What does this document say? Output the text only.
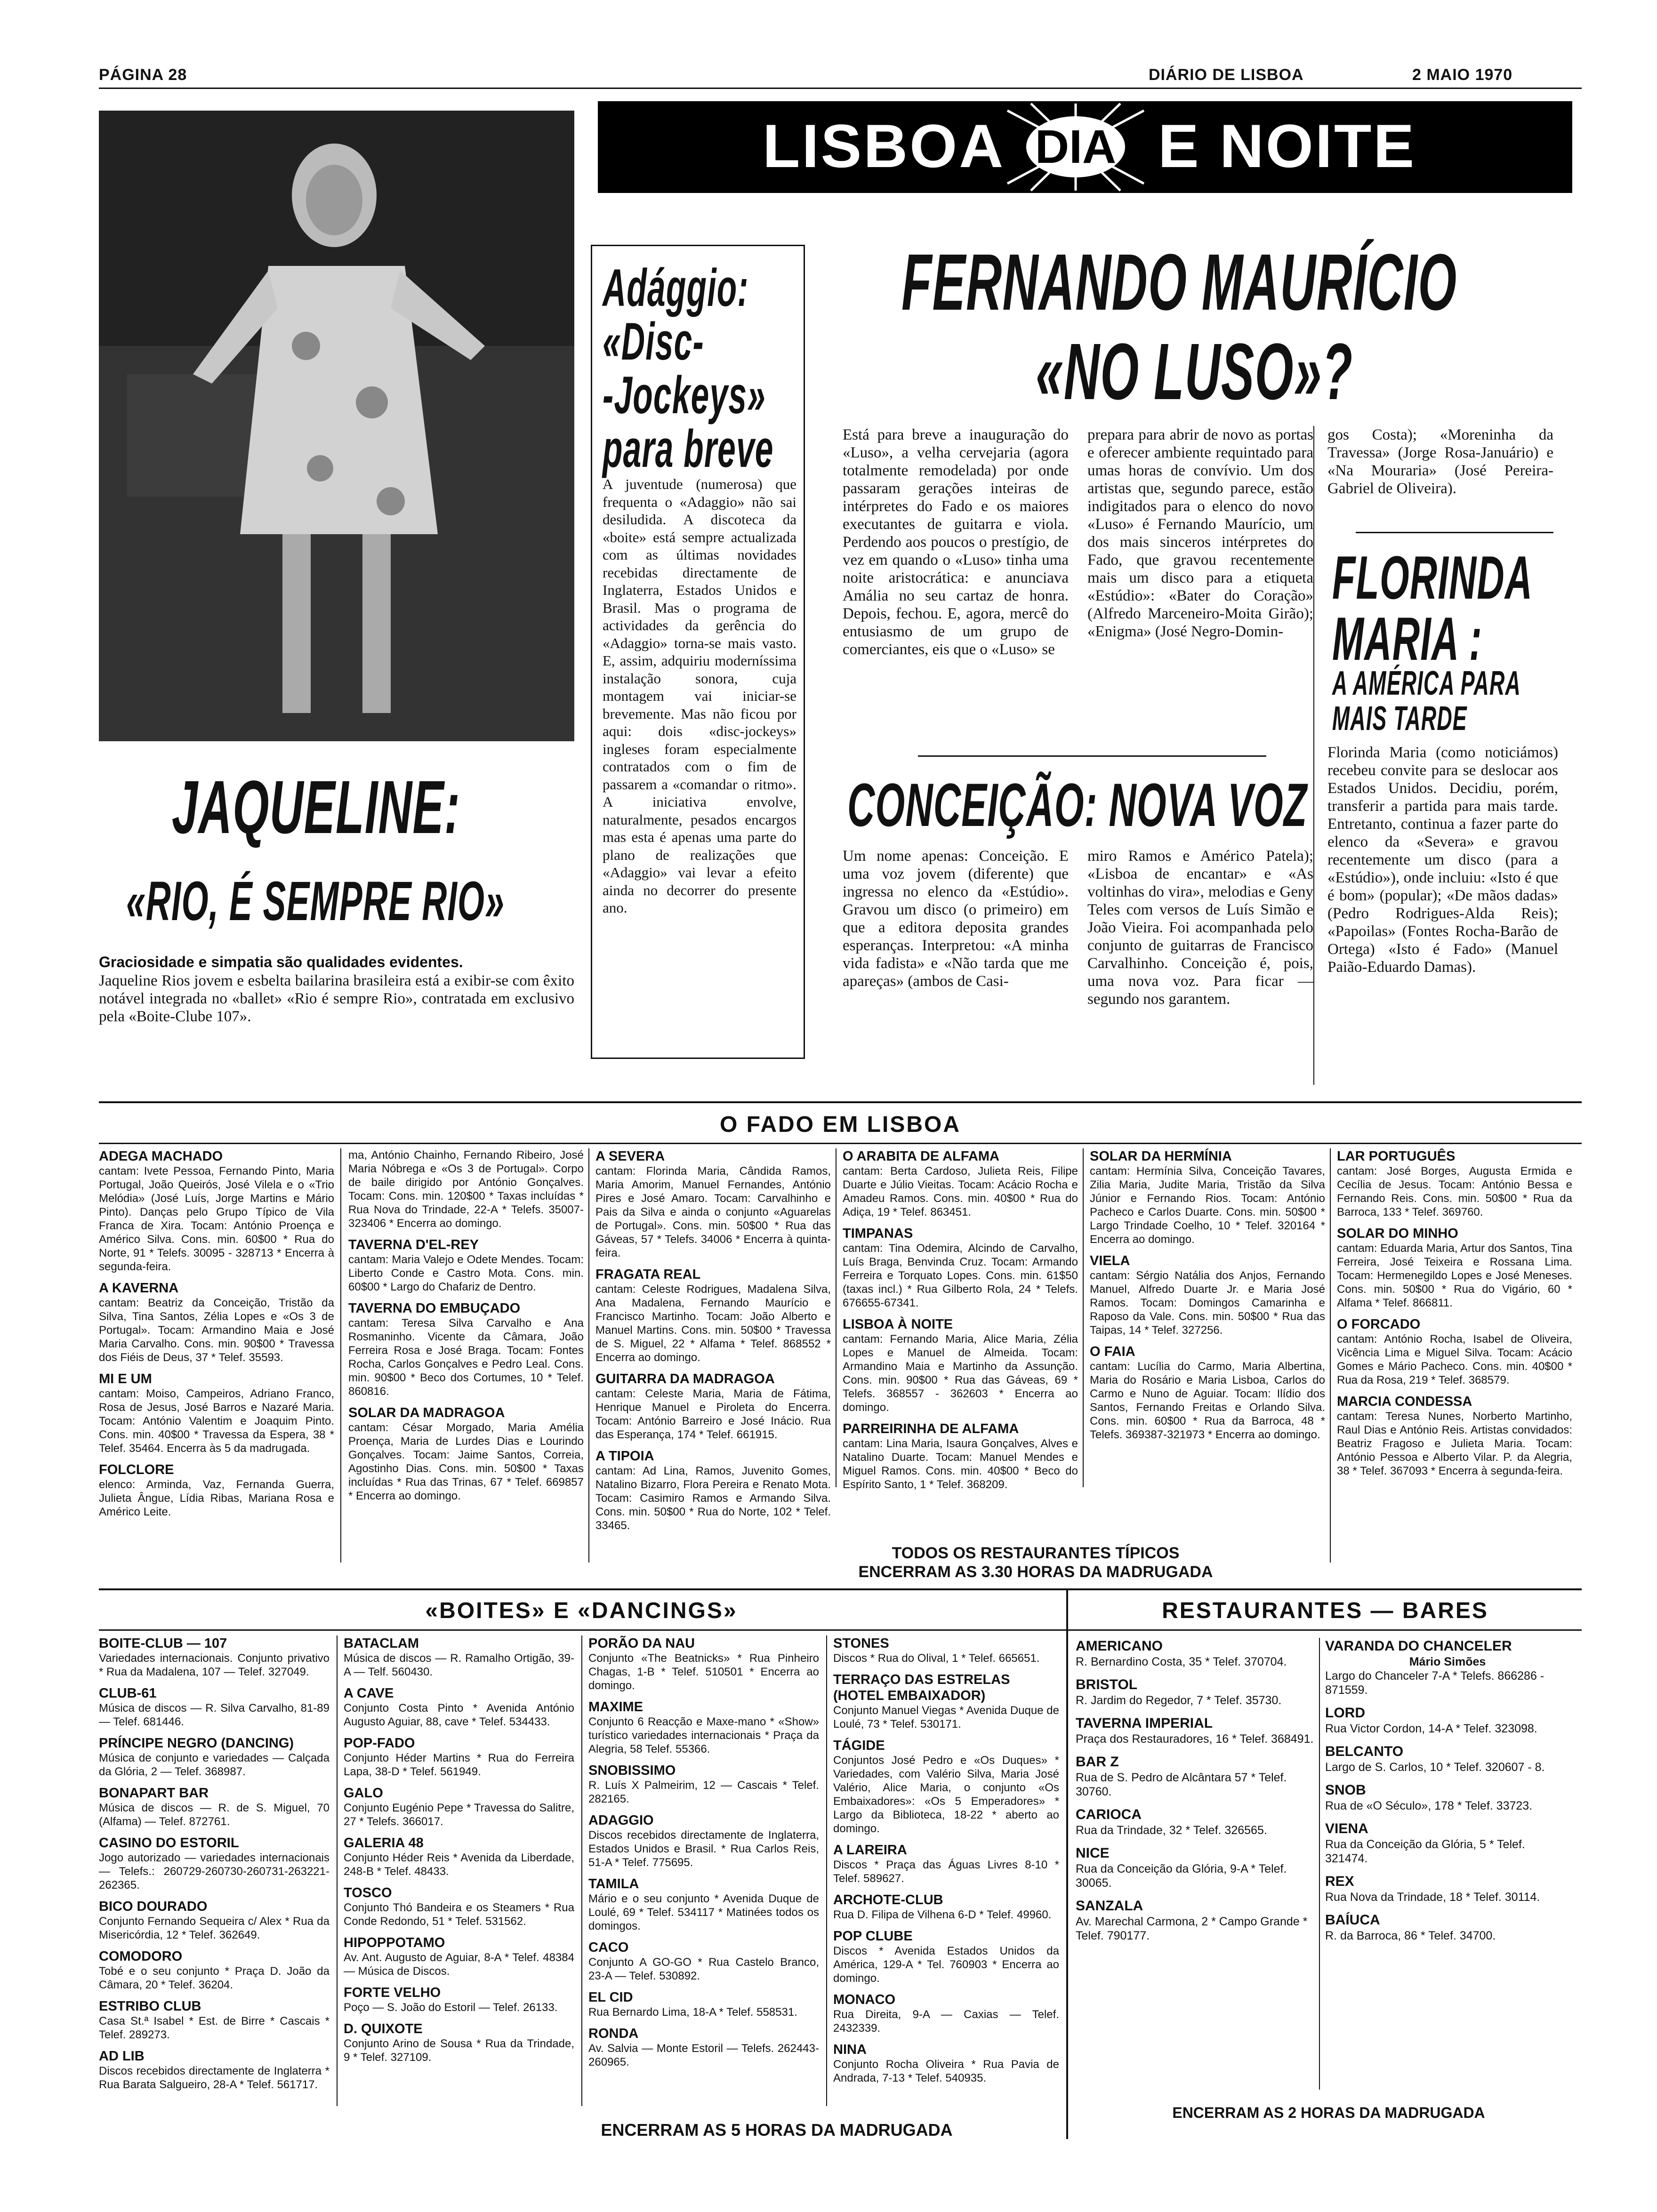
PÁGINA 28	DIÁRIO DE LISBOA	2 MAIO 1970
LISBOA DIA E NOITE
JAQUELINE:
«RIO, É SEMPRE RIO»
Graciosidade e simpatia são qualidades evidentes.
Jaqueline Rios jovem e esbelta bailarina brasileira está a exibir-se com êxito notável integrada no «ballet» «Rio é sempre Rio», contratada em exclusivo pela «Boite-Clube 107».
Adággio:
«Disc-
-Jockeys»
para breve
A juventude (numerosa) que frequenta o «Adaggio» não sai desiludida. A discoteca da «boite» está sempre actualizada com as últimas novidades recebidas directamente de Inglaterra, Estados Unidos e Brasil. Mas o programa de actividades da gerência do «Adaggio» torna-se mais vasto. E, assim, adquiriu moderníssima instalação sonora, cuja montagem vai iniciar-se brevemente. Mas não ficou por aqui: dois «disc-jockeys» ingleses foram especialmente contratados com o fim de passarem a «comandar o ritmo». A iniciativa envolve, naturalmente, pesados encargos mas esta é apenas uma parte do plano de realizações que «Adaggio» vai levar a efeito ainda no decorrer do presente ano.
FERNANDO MAURÍCIO
«NO LUSO»?
Está para breve a inauguração do «Luso», a velha cervejaria (agora totalmente remodelada) por onde passaram gerações inteiras de intérpretes do Fado e os maiores executantes de guitarra e viola. Perdendo aos poucos o prestígio, de vez em quando o «Luso» tinha uma noite aristocrática: e anunciava Amália no seu cartaz de honra. Depois, fechou. E, agora, mercê do entusiasmo de um grupo de comerciantes, eis que o «Luso» se
prepara para abrir de novo as portas e oferecer ambiente requintado para umas horas de convívio. Um dos artistas que, segundo parece, estão indigitados para o elenco do novo «Luso» é Fernando Maurício, um dos mais sinceros intérpretes do Fado, que gravou recentemente mais um disco para a etiqueta «Estúdio»: «Bater do Coração» (Alfredo Marceneiro-Moita Girão); «Enigma» (José Negro-Domin-
gos Costa); «Moreninha da Travessa» (Jorge Rosa-Januário) e «Na Mouraria» (José Pereira-Gabriel de Oliveira).
FLORINDA
MARIA :
A AMÉRICA PARA
MAIS TARDE
Florinda Maria (como noticiámos) recebeu convite para se deslocar aos Estados Unidos. Decidiu, porém, transferir a partida para mais tarde. Entretanto, continua a fazer parte do elenco da «Severa» e gravou recentemente um disco (para a «Estúdio»), onde incluiu: «Isto é que é bom» (popular); «De mãos dadas» (Pedro Rodrigues-Alda Reis); «Papoilas» (Fontes Rocha-Barão de Ortega) «Isto é Fado» (Manuel Paião-Eduardo Damas).
CONCEIÇÃO: NOVA VOZ
Um nome apenas: Conceição. E uma voz jovem (diferente) que ingressa no elenco da «Estúdio». Gravou um disco (o primeiro) em que a editora depositа grandes esperanças. Interpretou: «A minha vida fadista» e «Não tarda que me apareças» (ambos de Casi-
miro Ramos e Américo Patela); «Lisboa de encantar» e «As voltinhas do vira», melodias e Geny Teles com versos de Luís Simão e João Vieira. Foi acompanhada pelo conjunto de guitarras de Francisco Carvalhinho. Conceição é, pois, uma nova voz. Para ficar — segundo nos garantem.
O FADO EM LISBOA
ADEGA MACHADO
cantam: Ivete Pessoa, Fernando Pinto, Maria Portugal, João Queirós, José Vilela e o «Trio Melódia» (José Luís, Jorge Martins e Mário Pinto). Danças pelo Grupo Típico de Vila Franca de Xira. Tocam: António Proença e Américo Silva. Cons. min. 60$00 * Rua do Norte, 91 * Telefs. 30095 - 328713 * Encerra à segunda-feira.
A KAVERNA
cantam: Beatriz da Conceição, Tristão da Silva, Tina Santos, Zélia Lopes e «Os 3 de Portugal». Tocam: Armandino Maia e José Maria Carvalho. Cons. min. 90$00 * Travessa dos Fiéis de Deus, 37 * Telef. 35593.
MI E UM
cantam: Moiso, Campeiros, Adriano Franco, Rosa de Jesus, José Barros e Nazaré Maria. Tocam: António Valentim e Joaquim Pinto. Cons. min. 40$00 * Travessa da Espera, 38 * Telef. 35464. Encerra às 5 da madrugada.
FOLCLORE
elenco: Arminda, Vaz, Fernanda Guerra, Julieta Ângue, Lídia Ribas, Mariana Rosa e Américo Leite.
ma, António Chainho, Fernando Ribeiro, José Maria Nóbrega e «Os 3 de Portugal». Corpo de baile dirigido por António Gonçalves. Tocam: Cons. min. 120$00 * Taxas incluídas * Rua Nova do Trindade, 22-A * Telefs. 35007-323406 * Encerra ao domingo.
TAVERNA D'EL-REY
cantam: Maria Valejo e Odete Mendes. Tocam: Liberto Conde e Castro Mota. Cons. min. 60$00 * Largo do Chafariz de Dentro.
TAVERNA DO EMBUÇADO
cantam: Teresa Silva Carvalho e Ana Rosmaninho. Vicente da Câmara, João Ferreira Rosa e José Braga. Tocam: Fontes Rocha, Carlos Gonçalves e Pedro Leal. Cons. min. 90$00 * Beco dos Cortumes, 10 * Telef. 860816.
SOLAR DA MADRAGOA
cantam: César Morgado, Maria Amélia Proença, Maria de Lurdes Dias e Lourindo Gonçalves. Tocam: Jaime Santos, Correia, Agostinho Dias. Cons. min. 50$00 * Taxas incluídas * Rua das Trinas, 67 * Telef. 669857 * Encerra ao domingo.
A SEVERA
cantam: Florinda Maria, Cândida Ramos, Maria Amorim, Manuel Fernandes, António Pires e José Amaro. Tocam: Carvalhinho e Pais da Silva e ainda o conjunto «Aguarelas de Portugal». Cons. min. 50$00 * Rua das Gáveas, 57 * Telefs. 34006 * Encerra à quinta-feira.
FRAGATA REAL
cantam: Celeste Rodrigues, Madalena Silva, Ana Madalena, Fernando Maurício e Francisco Martinho. Tocam: João Alberto e Manuel Martins. Cons. min. 50$00 * Travessa de S. Miguel, 22 * Alfama * Telef. 868552 * Encerra ao domingo.
GUITARRA DA MADRAGOA
cantam: Celeste Maria, Maria de Fátima, Henrique Manuel e Piroleta do Encerra. Tocam: António Barreiro e José Inácio. Rua das Esperança, 174 * Telef. 661915.
A TIPOIA
cantam: Ad Lina, Ramos, Juvenito Gomes, Natalino Bizarro, Flora Pereira e Renato Mota. Tocam: Casimiro Ramos e Armando Silva. Cons. min. 50$00 * Rua do Norte, 102 * Telef. 33465.
O ARABITA DE ALFAMA
cantam: Berta Cardoso, Julieta Reis, Filipe Duarte e Júlio Vieitas. Tocam: Acácio Rocha e Amadeu Ramos. Cons. min. 40$00 * Rua do Adiça, 19 * Telef. 863451.
TIMPANAS
cantam: Tina Odemira, Alcindo de Carvalho, Luís Braga, Benvinda Cruz. Tocam: Armando Ferreira e Torquato Lopes. Cons. min. 61$50 (taxas incl.) * Rua Gilberto Rola, 24 * Telefs. 676655-67341.
LISBOA À NOITE
cantam: Fernando Maria, Alice Maria, Zélia Lopes e Manuel de Almeida. Tocam: Armandino Maia e Martinho da Assunção. Cons. min. 90$00 * Rua das Gáveas, 69 * Telefs. 368557 - 362603 * Encerra ao domingo.
PARREIRINHA DE ALFAMA
cantam: Lina Maria, Isaura Gonçalves, Alves e Natalino Duarte. Tocam: Manuel Mendes e Miguel Ramos. Cons. min. 40$00 * Beco do Espírito Santo, 1 * Telef. 368209.
SOLAR DA HERMÍNIA
cantam: Hermínia Silva, Conceição Tavares, Zilia Maria, Judite Maria, Tristão da Silva Júnior e Fernando Rios. Tocam: António Pacheco e Carlos Duarte. Cons. min. 50$00 * Largo Trindade Coelho, 10 * Telef. 320164 * Encerra ao domingo.
VIELA
cantam: Sérgio Natália dos Anjos, Fernando Manuel, Alfredo Duarte Jr. e Maria José Ramos. Tocam: Domingos Camarinha e Raposo da Vale. Cons. min. 50$00 * Rua das Taipas, 14 * Telef. 327256.
O FAIA
cantam: Lucília do Carmo, Maria Albertina, Maria do Rosário e Maria Lisboa, Carlos do Carmo e Nuno de Aguiar. Tocam: Ilídio dos Santos, Fernando Freitas e Orlando Silva. Cons. min. 60$00 * Rua da Barroca, 48 * Telefs. 369387-321973 * Encerra ao domingo.
LAR PORTUGUÊS
cantam: José Borges, Augusta Ermida e Cecília de Jesus. Tocam: António Bessa e Fernando Reis. Cons. min. 50$00 * Rua da Barroca, 133 * Telef. 369760.
SOLAR DO MINHO
cantam: Eduarda Maria, Artur dos Santos, Tina Ferreira, José Teixeira e Rossana Lima. Tocam: Hermenegildo Lopes e José Meneses. Cons. min. 50$00 * Rua do Vigário, 60 * Alfama * Telef. 866811.
O FORCADO
cantam: António Rocha, Isabel de Oliveira, Vicência Lima e Miguel Silva. Tocam: Acácio Gomes e Mário Pacheco. Cons. min. 40$00 * Rua da Rosa, 219 * Telef. 368579.
MARCIA CONDESSA
cantam: Teresa Nunes, Norberto Martinho, Raul Dias e António Reis. Artistas convidados: Beatriz Fragoso e Julieta Maria. Tocam: António Pessoa e Alberto Vilar. P. da Alegria, 38 * Telef. 367093 * Encerra à segunda-feira.
TODOS OS RESTAURANTES TÍPICOS
ENCERRAM AS 3.30 HORAS DA MADRUGADA
«BOITES» E «DANCINGS»	RESTAURANTES — BARES
BOITE-CLUB — 107
Variedades internacionais. Conjunto privativo * Rua da Madalena, 107 — Telef. 327049.
CLUB-61
Música de discos — R. Silva Carvalho, 81-89 — Telef. 681446.
PRÍNCIPE NEGRO (DANCING)
Música de conjunto e variedades — Calçada da Glória, 2 — Telef. 368987.
BONAPART BAR
Música de discos — R. de S. Miguel, 70 (Alfama) — Telef. 872761.
CASINO DO ESTORIL
Jogo autorizado — variedades internacionais — Telefs.: 260729-260730-260731-263221-262365.
BICO DOURADO
Conjunto Fernando Sequeira c/ Alex * Rua da Misericórdia, 12 * Telef. 362649.
COMODORO
Tobé e o seu conjunto * Praça D. João da Câmara, 20 * Telef. 36204.
ESTRIBO CLUB
Casa St.ª Isabel * Est. de Birre * Cascais * Telef. 289273.
AD LIB
Discos recebidos directamente de Inglaterra * Rua Barata Salgueiro, 28-A * Telef. 561717.
BATACLAM
Música de discos — R. Ramalho Ortigão, 39-A — Telf. 560430.
A CAVE
Conjunto Costa Pinto * Avenida António Augusto Aguiar, 88, cave * Telef. 534433.
POP-FADO
Conjunto Héder Martins * Rua do Ferreira Lapa, 38-D * Telef. 561949.
GALO
Conjunto Eugénio Pepe * Travessa do Salitre, 27 * Telefs. 366017.
GALERIA 48
Conjunto Héder Reis * Avenida da Liberdade, 248-B * Telef. 48433.
TOSCO
Conjunto Thó Bandeira e os Steamers * Rua Conde Redondo, 51 * Telef. 531562.
HIPOPPOTAMO
Av. Ant. Augusto de Aguiar, 8-A * Telef. 48384 — Música de Discos.
FORTE VELHO
Poço — S. João do Estoril — Telef. 26133.
D. QUIXOTE
Conjunto Arino de Sousa * Rua da Trindade, 9 * Telef. 327109.
PORÃO DA NAU
Conjunto «The Beatnicks» * Rua Pinheiro Chagas, 1-B * Telef. 510501 * Encerra ao domingo.
MAXIME
Conjunto 6 Reacção e Maxe-mano * «Show» turístico variedades internacionais * Praça da Alegria, 58 Telef. 55366.
SNOBISSIMO
R. Luís X Palmeirim, 12 — Cascais * Telef. 282165.
ADAGGIO
Discos recebidos directamente de Inglaterra, Estados Unidos e Brasil. * Rua Carlos Reis, 51-A * Telef. 775695.
TAMILA
Mário e o seu conjunto * Avenida Duque de Loulé, 69 * Telef. 534117 * Matinées todos os domingos.
CACO
Conjunto A GO-GO * Rua Castelo Branco, 23-A — Telef. 530892.
EL CID
Rua Bernardo Lima, 18-A * Telef. 558531.
RONDA
Av. Salvia — Monte Estoril — Telefs. 262443-260965.
STONES
Discos * Rua do Olival, 1 * Telef. 665651.
TERRAÇO DAS ESTRELAS (HOTEL EMBAIXADOR)
Conjunto Manuel Viegas * Avenida Duque de Loulé, 73 * Telef. 530171.
TÁGIDE
Conjuntos José Pedro e «Os Duques» * Variedades, com Valério Silva, Maria José Valério, Alice Maria, o conjunto «Os Embaixadores»: «Os 5 Emperadores» * Largo da Biblioteca, 18-22 * aberto ao domingo.
A LAREIRA
Discos * Praça das Águas Livres 8-10 * Telef. 589627.
ARCHOTE-CLUB
Rua D. Filipa de Vilhena 6-D * Telef. 49960.
POP CLUBE
Discos * Avenida Estados Unidos da América, 129-A * Tel. 760903 * Encerra ao domingo.
MONACO
Rua Direita, 9-A — Caxias — Telef. 2432339.
NINA
Conjunto Rocha Oliveira * Rua Pavia de Andrada, 7-13 * Telef. 540935.
ENCERRAM AS 5 HORAS DA MADRUGADA
AMERICANO
R. Bernardino Costa, 35 * Telef. 370704.
BRISTOL
R. Jardim do Regedor, 7 * Telef. 35730.
TAVERNA IMPERIAL
Praça dos Restauradores, 16 * Telef. 368491.
BAR Z
Rua de S. Pedro de Alcântara 57 * Telef. 30760.
CARIOCA
Rua da Trindade, 32 * Telef. 326565.
NICE
Rua da Conceição da Glória, 9-A * Telef. 30065.
SANZALA
Av. Marechal Carmona, 2 * Campo Grande * Telef. 790177.
VARANDA DO CHANCELER
Mário Simões
Largo do Chanceler 7-A * Telefs. 866286 - 871559.
LORD
Rua Victor Cordon, 14-A * Telef. 323098.
BELCANTO
Largo de S. Carlos, 10 * Telef. 320607 - 8.
SNOB
Rua de «O Século», 178 * Telef. 33723.
VIENA
Rua da Conceição da Glória, 5 * Telef. 321474.
REX
Rua Nova da Trindade, 18 * Telef. 30114.
BAÍUCA
R. da Barroca, 86 * Telef. 34700.
ENCERRAM AS 2 HORAS DA MADRUGADA
